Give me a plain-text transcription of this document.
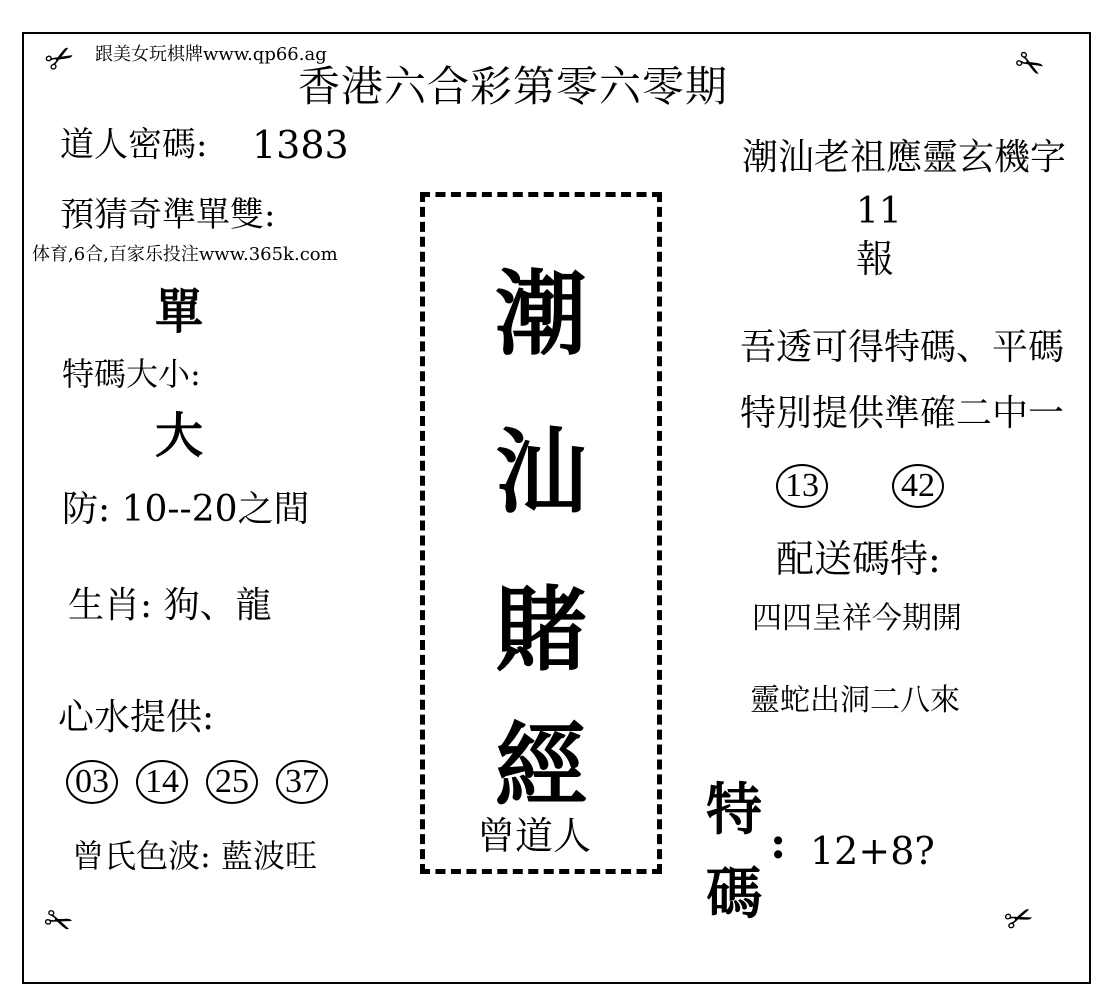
✂	✂
✂	✂
跟美女玩棋牌www.qp66.ag
香港六合彩第零六零期
道人密碼: 1383
預猜奇準單雙:
体育,6合,百家乐投注www.365k.com
單
特碼大小:
大
防: 10--20之間
生肖: 狗、龍
心水提供:
03 14 25 37
曾氏色波: 藍波旺
潮
汕
賭
經
曾道人
潮汕老祖應靈玄機字
11
報
吾透可得特碼、平碼
特別提供準確二中一
13 42
配送碼特:
四四呈祥今期開
靈蛇出洞二八來
特
碼
: 12+8?
